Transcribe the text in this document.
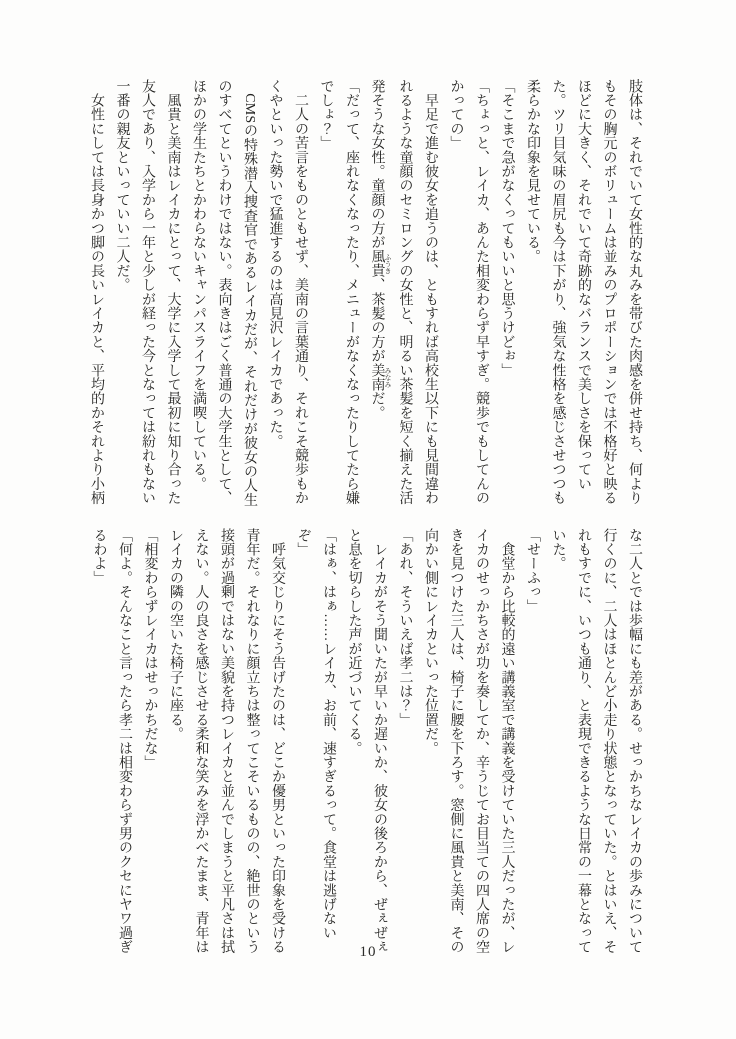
肢体は、それでいて女性的な丸みを帯びた肉感を併せ持ち、何より
もその胸元のボリュームは並みのプロポーションでは不格好と映る
ほどに大きく、それでいて奇跡的なバランスで美しさを保ってい
た。ツリ目気味の眉尻も今は下がり、強気な性格を感じさせつつも
柔らかな印象を見せている。
「そこまで急がなくってもいいと思うけどぉ」
「ちょっと、レイカ、あんた相変わらず早すぎ。競歩でもしてんの
かっての」
　早足で進む彼女を追うのは、ともすれば高校生以下にも見間違わ
れるような童顔のセミロングの女性と、明るい茶髪を短く揃えた活
発そうな女性。童顔の方が風貴 ふうき、茶髪の方が美南 みなみだ。
「だって、座れなくなったり、メニューがなくなったりしてたら嫌
でしょ？」
　二人の苦言をものともせず、美南の言葉通り、それこそ競歩もか
くやといった勢いで猛進するのは高見沢レイカであった。
　CMSの特殊潜入捜査官であるレイカだが、それだけが彼女の人生
のすべてというわけではない。表向きはごく普通の大学生として、
ほかの学生たちとかわらないキャンパスライフを満喫している。
　風貴と美南はレイカにとって、大学に入学して最初に知り合った
友人であり、入学から一年と少しが経った今となっては紛れもない
一番の親友といっていい二人だ。
　女性にしては長身かつ脚の長いレイカと、平均的かそれより小柄
な二人とでは歩幅にも差がある。せっかちなレイカの歩みについて
行くのに、二人はほとんど小走り状態となっていた。とはいえ、そ
れもすでに、いつも通り、と表現できるような日常の一幕となって
いた。
「せーふっ」
　食堂から比較的遠い講義室で講義を受けていた三人だったが、レ
イカのせっかちさが功を奏してか、辛うじてお目当ての四人席の空
きを見つけた三人は、椅子に腰を下ろす。窓側に風貴と美南、その
向かい側にレイカといった位置だ。
「あれ、そういえば孝二は？」
　レイカがそう聞いたが早いか遅いか、彼女の後ろから、ぜぇぜぇ
と息を切らした声が近づいてくる。
「はぁ、はぁ……レイカ、お前、速すぎるって。食堂は逃げない
ぞ」
　呼気交じりにそう告げたのは、どこか優男といった印象を受ける
青年だ。それなりに顔立ちは整ってこそいるものの、絶世のという
接頭が過剰ではない美貌を持つレイカと並んでしまうと平凡さは拭
えない。人の良さを感じさせる柔和な笑みを浮かべたまま、青年は
レイカの隣の空いた椅子に座る。
「相変わらずレイカはせっかちだな」
「何よ。そんなこと言ったら孝二は相変わらず男のクセにヤワ過ぎ
るわよ」
10
